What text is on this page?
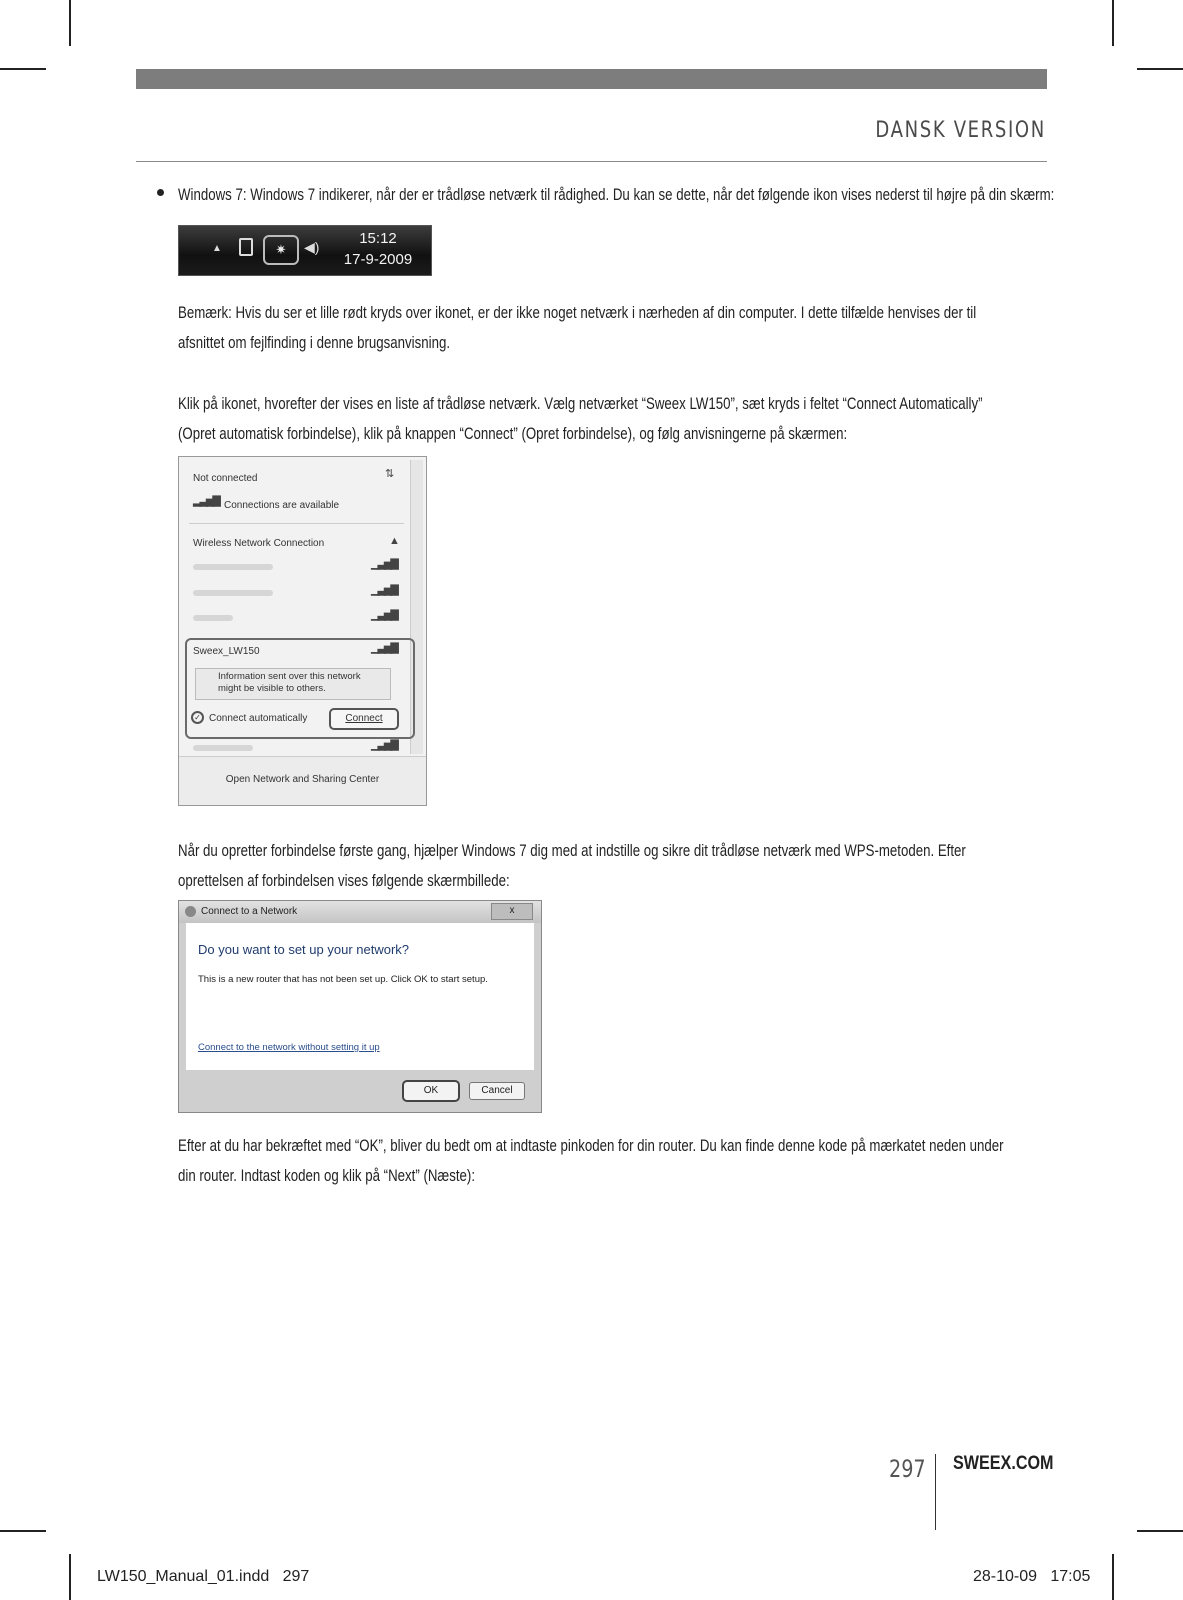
DANSK VERSION
Windows 7: Windows 7 indikerer, når der er trådløse netværk til rådighed. Du kan se dette, når det følgende ikon vises nederst til højre på din skærm:
▲	✷	◀)	15:12
17-9-2009
Bemærk: Hvis du ser et lille rødt kryds over ikonet, er der ikke noget netværk i nærheden af din computer. I dette tilfælde henvises der til
afsnittet om fejlfinding i denne brugsanvisning.
Klik på ikonet, hvorefter der vises en liste af trådløse netværk. Vælg netværket “Sweex LW150”, sæt kryds i feltet “Connect Automatically”
(Opret automatisk forbindelse), klik på knappen “Connect” (Opret forbindelse), og følg anvisningerne på skærmen:
Not connected	⇅
▂▃▅▇ Connections are available
Wireless Network Connection	▲
▁▃▅▇
▁▃▅▇
▁▃▅▇
Sweex_LW150	▁▃▅▇
Information sent over this network
might be visible to others.
✓ Connect automatically	Connect
▁▃▅▇
Open Network and Sharing Center
Når du opretter forbindelse første gang, hjælper Windows 7 dig med at indstille og sikre dit trådløse netværk med WPS-metoden. Efter
oprettelsen af forbindelsen vises følgende skærmbillede:
Connect to a Network	x
Do you want to set up your network?
This is a new router that has not been set up. Click OK to start setup.
Connect to the network without setting it up
OK	Cancel
Efter at du har bekræftet med “OK”, bliver du bedt om at indtaste pinkoden for din router. Du kan finde denne kode på mærkatet neden under
din router. Indtast koden og klik på “Next” (Næste):
297 SWEEX.COM
LW150_Manual_01.indd   297	28-10-09   17:05
